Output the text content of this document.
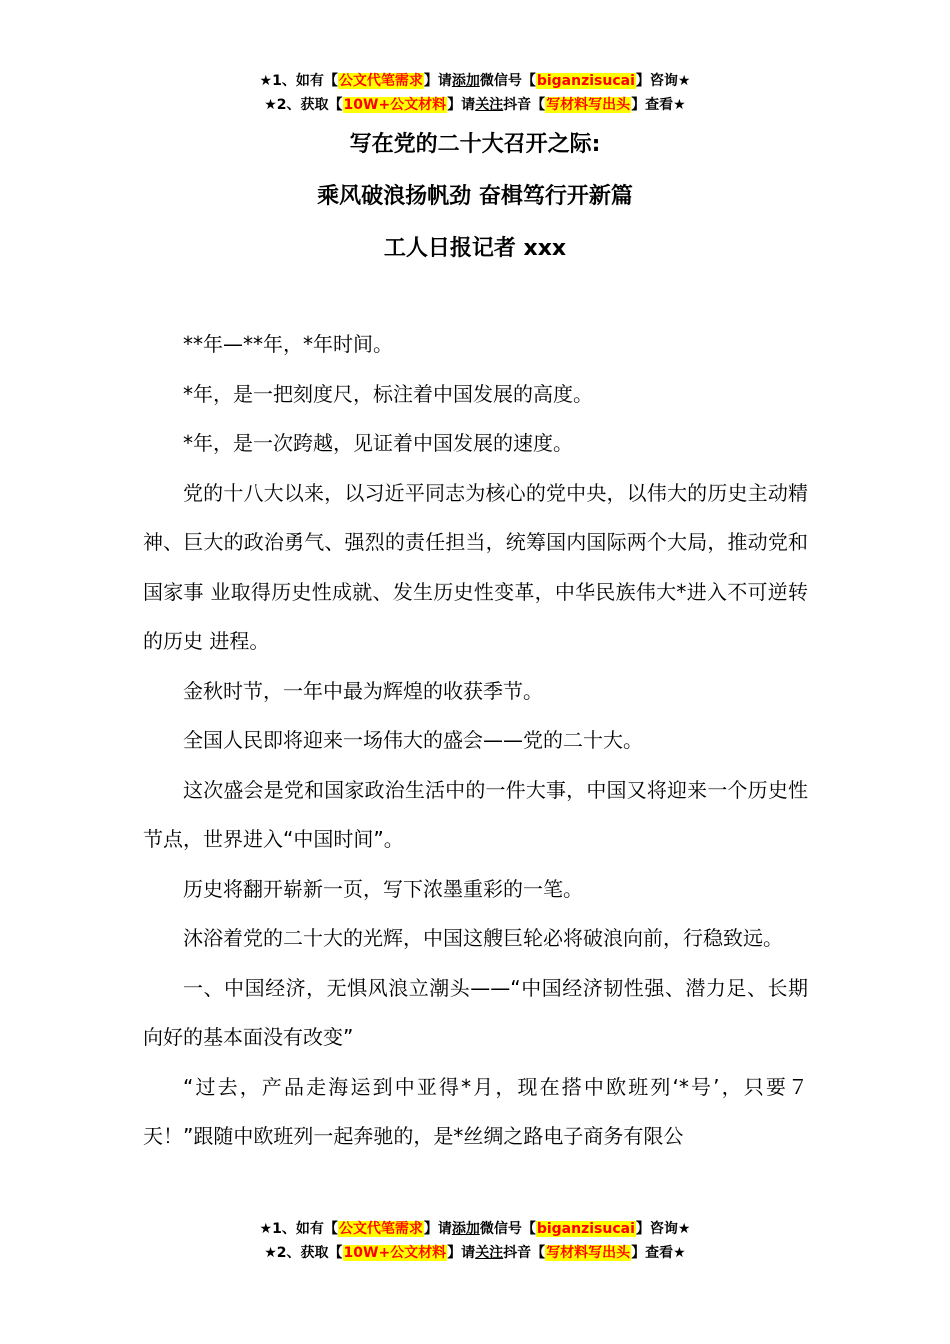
★1、如有【公文代笔需求】请添加微信号【biganzisucai】咨询★
★2、获取【10W+公文材料】请关注抖音【写材料写出头】查看★
写在党的二十大召开之际:
乘风破浪扬帆劲 奋楫笃行开新篇
工人日报记者 xxx

**年—**年，*年时间。

*年，是一把刻度尺，标注着中国发展的高度。

*年，是一次跨越，见证着中国发展的速度。

党的十八大以来，以习近平同志为核心的党中央，以伟大的历史主动精神、巨大的政治勇气、强烈的责任担当，统筹国内国际两个大局，推动党和国家事 业取得历史性成就、发生历史性变革，中华民族伟大*进入不可逆转的历史 进程。

金秋时节，一年中最为辉煌的收获季节。

全国人民即将迎来一场伟大的盛会——党的二十大。

这次盛会是党和国家政治生活中的一件大事，中国又将迎来一个历史性节点，世界进入“中国时间”。

历史将翻开崭新一页，写下浓墨重彩的一笔。

沐浴着党的二十大的光辉，中国这艘巨轮必将破浪向前，行稳致远。

一、中国经济，无惧风浪立潮头——“中国经济韧性强、潜力足、长期向好的基本面没有改变”

“过去，产品走海运到中亚得*月，现在搭中欧班列‘*号’，只要７天！”跟随中欧班列一起奔驰的，是*丝绸之路电子商务有限公

★1、如有【公文代笔需求】请添加微信号【biganzisucai】咨询★
★2、获取【10W+公文材料】请关注抖音【写材料写出头】查看★
